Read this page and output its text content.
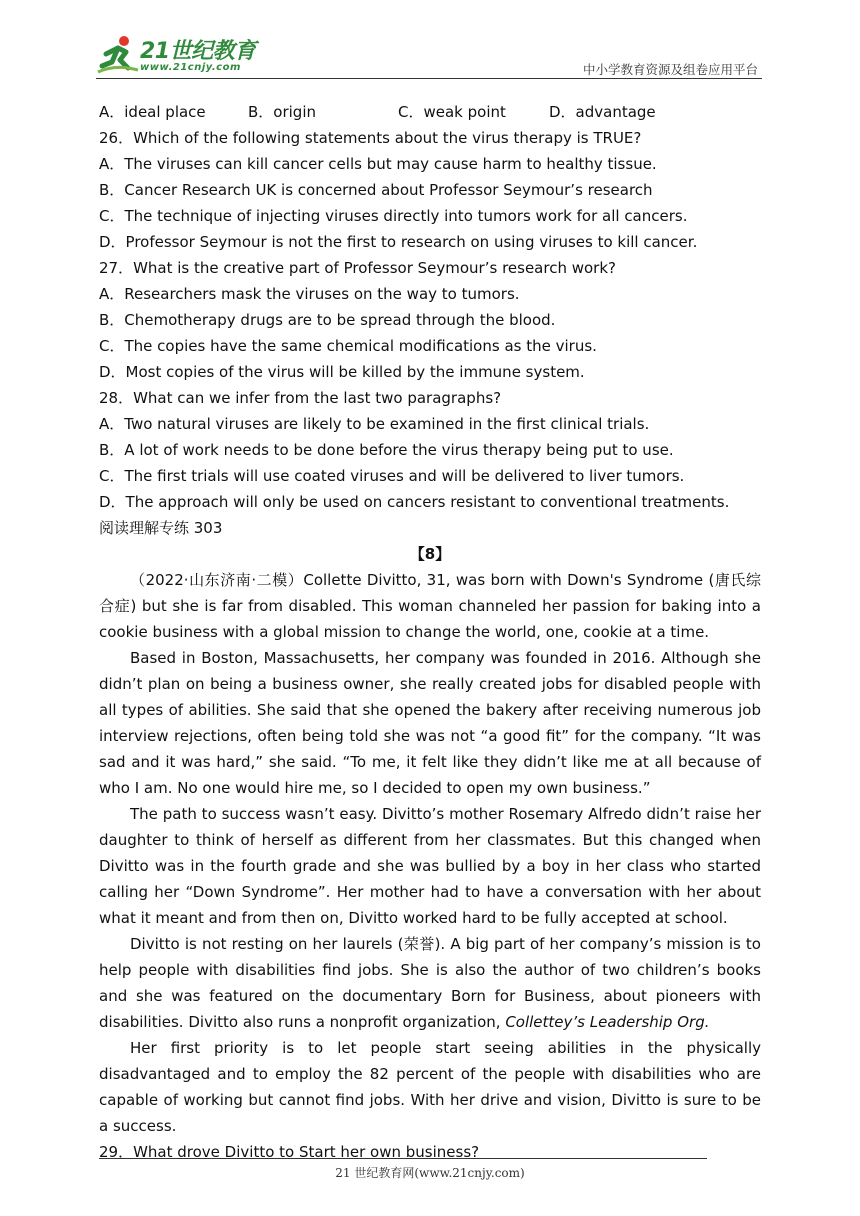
21世纪教育
www.21cnjy.com	中小学教育资源及组卷应用平台
A．ideal place	B．origin	C．weak point	D．advantage
26．Which of the following statements about the virus therapy is TRUE?
A．The viruses can kill cancer cells but may cause harm to healthy tissue.
B．Cancer Research UK is concerned about Professor Seymour’s research
C．The technique of injecting viruses directly into tumors work for all cancers.
D．Professor Seymour is not the first to research on using viruses to kill cancer.
27．What is the creative part of Professor Seymour’s research work?
A．Researchers mask the viruses on the way to tumors.
B．Chemotherapy drugs are to be spread through the blood.
C．The copies have the same chemical modifications as the virus.
D．Most copies of the virus will be killed by the immune system.
28．What can we infer from the last two paragraphs?
A．Two natural viruses are likely to be examined in the first clinical trials.
B．A lot of work needs to be done before the virus therapy being put to use.
C．The first trials will use coated viruses and will be delivered to liver tumors.
D．The approach will only be used on cancers resistant to conventional treatments.
阅读理解专练 303
【8】

（2022·山东济南·二模）Collette Divitto, 31, was born with Down's Syndrome (唐氏综合症) but she is far from disabled. This woman channeled her passion for baking into a cookie business with a global mission to change the world, one, cookie at a time.

Based in Boston, Massachusetts, her company was founded in 2016. Although she didn’t plan on being a business owner, she really created jobs for disabled people with all types of abilities. She said that she opened the bakery after receiving numerous job interview rejections, often being told she was not “a good fit” for the company. “It was sad and it was hard,” she said. “To me, it felt like they didn’t like me at all because of who I am. No one would hire me, so I decided to open my own business.”

The path to success wasn’t easy. Divitto’s mother Rosemary Alfredo didn’t raise her daughter to think of herself as different from her classmates. But this changed when Divitto was in the fourth grade and she was bullied by a boy in her class who started calling her “Down Syndrome”. Her mother had to have a conversation with her about what it meant and from then on, Divitto worked hard to be fully accepted at school.

Divitto is not resting on her laurels (荣誉). A big part of her company’s mission is to help people with disabilities find jobs. She is also the author of two children’s books and she was featured on the documentary Born for Business, about pioneers with disabilities. Divitto also runs a nonprofit organization, Collettey’s Leadership Org.

Her first priority is to let people start seeing abilities in the physically disadvantaged and to employ the 82 percent of the people with disabilities who are capable of working but cannot find jobs. With her drive and vision, Divitto is sure to be a success.

29．What drove Divitto to Start her own business?
21 世纪教育网(www.21cnjy.com)
